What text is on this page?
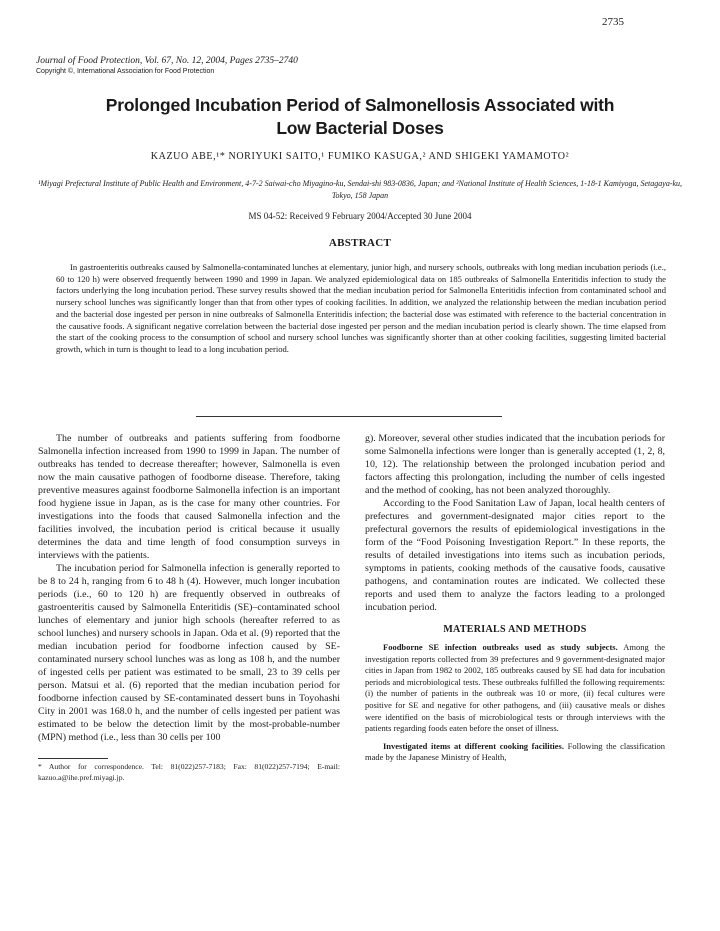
2735
Journal of Food Protection, Vol. 67, No. 12, 2004, Pages 2735–2740
Copyright ©, International Association for Food Protection
Prolonged Incubation Period of Salmonellosis Associated with
Low Bacterial Doses
KAZUO ABE,¹* NORIYUKI SAITO,¹ FUMIKO KASUGA,² AND SHIGEKI YAMAMOTO²
¹Miyagi Prefectural Institute of Public Health and Environment, 4-7-2 Saiwai-cho Miyagino-ku, Sendai-shi 983-0836, Japan; and ²National Institute of Health Sciences, 1-18-1 Kamiyoga, Setagaya-ku, Tokyo, 158 Japan
MS 04-52: Received 9 February 2004/Accepted 30 June 2004
ABSTRACT
In gastroenteritis outbreaks caused by Salmonella-contaminated lunches at elementary, junior high, and nursery schools, outbreaks with long median incubation periods (i.e., 60 to 120 h) were observed frequently between 1990 and 1999 in Japan. We analyzed epidemiological data on 185 outbreaks of Salmonella Enteritidis infection to study the factors underlying the long incubation period. These survey results showed that the median incubation period for Salmonella Enteritidis infection from contaminated school and nursery school lunches was significantly longer than that from other types of cooking facilities. In addition, we analyzed the relationship between the median incubation period and the bacterial dose ingested per person in nine outbreaks of Salmonella Enteritidis infection; the bacterial dose was estimated with reference to the bacterial concentration in the causative foods. A significant negative correlation between the bacterial dose ingested per person and the median incubation period is clearly shown. The time elapsed from the start of the cooking process to the consumption of school and nursery school lunches was significantly shorter than at other cooking facilities, suggesting limited bacterial growth, which in turn is thought to lead to a long incubation period.

The number of outbreaks and patients suffering from foodborne Salmonella infection increased from 1990 to 1999 in Japan. The number of outbreaks has tended to decrease thereafter; however, Salmonella is even now the main causative pathogen of foodborne disease. Therefore, taking preventive measures against foodborne Salmonella infection is an important food hygiene issue in Japan, as is the case for many other countries. For investigations into the foods that caused Salmonella infection and the facilities involved, the incubation period is critical because it usually determines the data and time length of food consumption surveys in interviews with the patients.

The incubation period for Salmonella infection is generally reported to be 8 to 24 h, ranging from 6 to 48 h (4). However, much longer incubation periods (i.e., 60 to 120 h) are frequently observed in outbreaks of gastroenteritis caused by Salmonella Enteritidis (SE)–contaminated school lunches of elementary and junior high schools (hereafter referred to as school lunches) and nursery schools in Japan. Oda et al. (9) reported that the median incubation period for foodborne infection caused by SE-contaminated nursery school lunches was as long as 108 h, and the number of ingested cells per patient was estimated to be small, 23 to 39 cells per person. Matsui et al. (6) reported that the median incubation period for foodborne infection caused by SE-contaminated dessert buns in Toyohashi City in 2001 was 168.0 h, and the number of cells ingested per patient was estimated to be below the detection limit by the most-probable-number (MPN) method (i.e., less than 30 cells per 100

* Author for correspondence. Tel: 81(022)257-7183; Fax: 81(022)257-7194; E-mail: kazuo.a@ihe.pref.miyagi.jp.

g). Moreover, several other studies indicated that the incubation periods for some Salmonella infections were longer than is generally accepted (1, 2, 8, 10, 12). The relationship between the prolonged incubation period and factors affecting this prolongation, including the number of cells ingested and the method of cooking, has not been analyzed thoroughly.

According to the Food Sanitation Law of Japan, local health centers of prefectures and government-designated major cities report to the prefectural governors the results of epidemiological investigations in the form of the “Food Poisoning Investigation Report.” In these reports, the results of detailed investigations into items such as incubation periods, symptoms in patients, cooking methods of the causative foods, causative pathogens, and contamination routes are indicated. We collected these reports and used them to analyze the factors leading to a prolonged incubation period.

MATERIALS AND METHODS

Foodborne SE infection outbreaks used as study subjects. Among the investigation reports collected from 39 prefectures and 9 government-designated major cities in Japan from 1982 to 2002, 185 outbreaks caused by SE had data for incubation periods and microbiological tests. These outbreaks fulfilled the following requirements: (i) the number of patients in the outbreak was 10 or more, (ii) fecal cultures were positive for SE and negative for other pathogens, and (iii) causative meals or dishes were identified on the basis of microbiological tests or through interviews with the patients regarding foods eaten before the onset of illness.

Investigated items at different cooking facilities. Following the classification made by the Japanese Ministry of Health,
